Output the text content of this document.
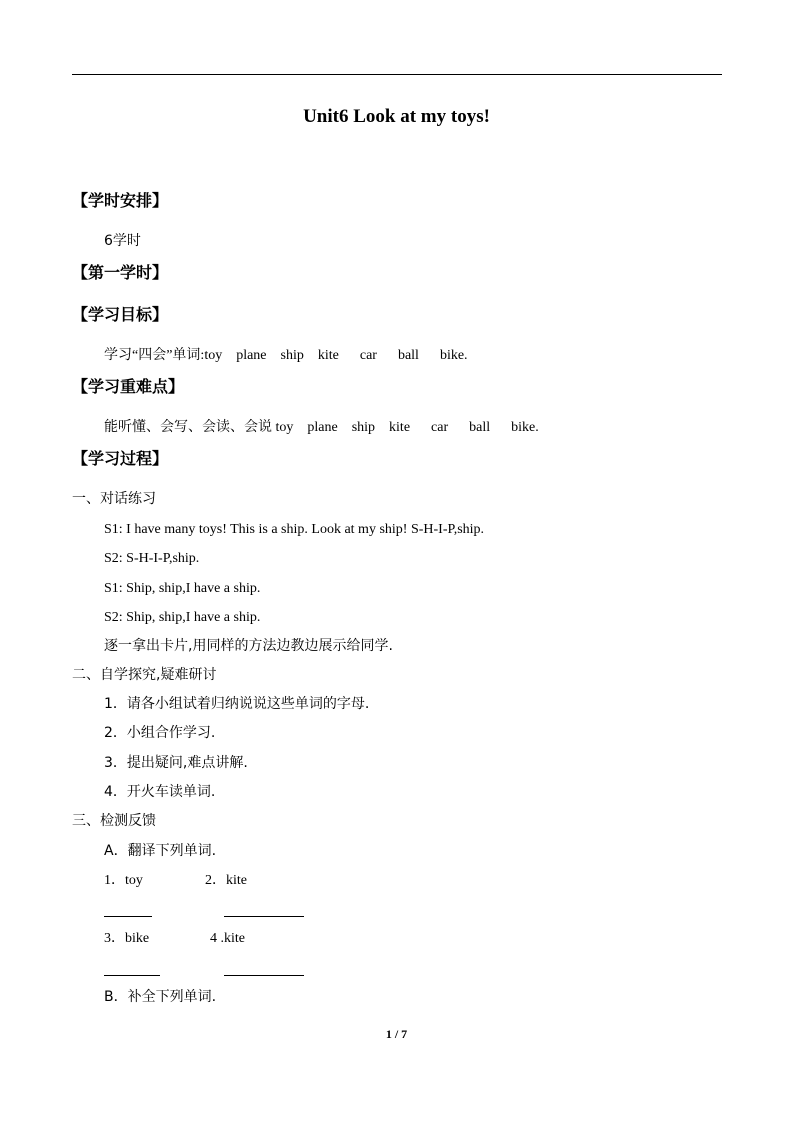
Unit6 Look at my toys!
【学时安排】
6学时
【第一学时】
【学习目标】
学习“四会”单词:toy    plane    ship    kite      car      ball      bike.
【学习重难点】
能听懂、会写、会读、会说 toy    plane    ship    kite      car      ball      bike.
【学习过程】
一、对话练习
S1: I have many toys! This is a ship. Look at my ship! S-H-I-P,ship.
S2: S-H-I-P,ship.
S1: Ship, ship,I have a ship.
S2: Ship, ship,I have a ship.
逐一拿出卡片,用同样的方法边教边展示给同学.
二、自学探究,疑难研讨
1．请各小组试着归纳说说这些单词的字母.
2．小组合作学习.
3．提出疑问,难点讲解.
4．开火车读单词.
三、检测反馈
A．翻译下列单词.
1．toy	2．kite
3．bike	4 .kite
B．补全下列单词.
1 / 7
